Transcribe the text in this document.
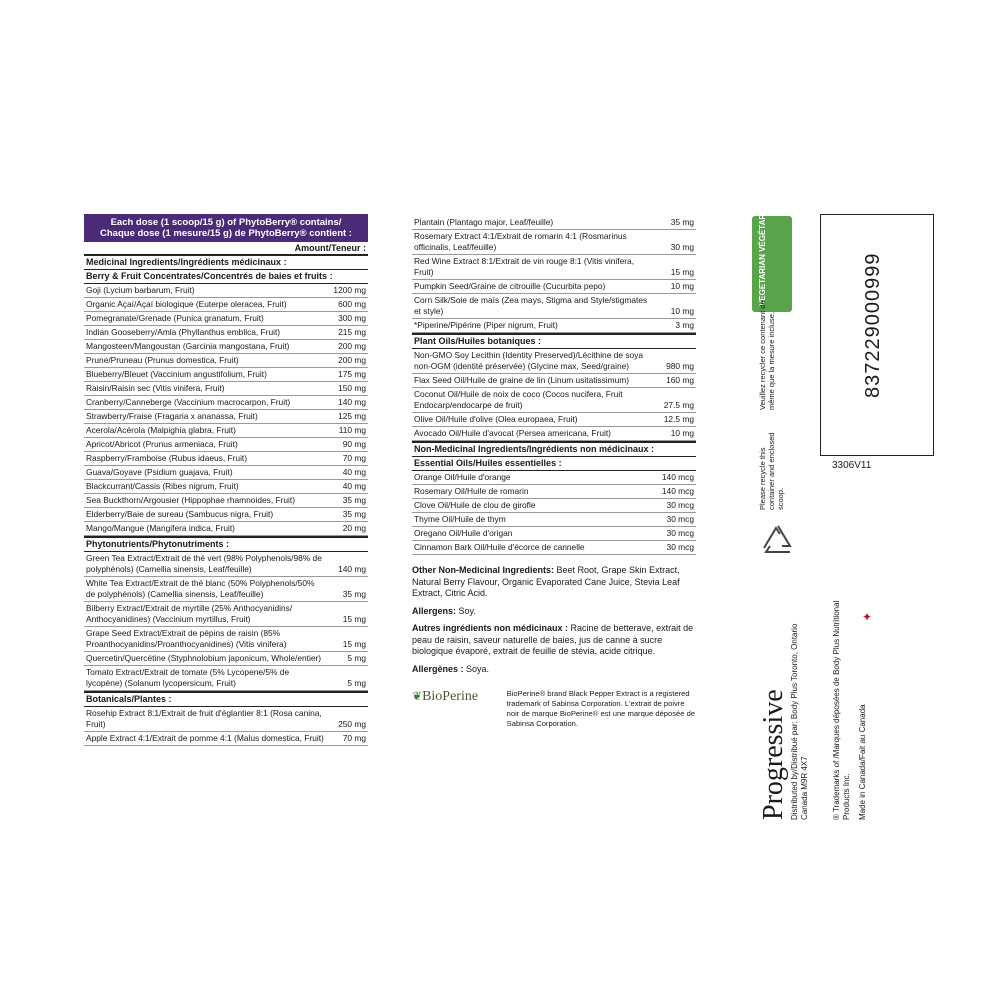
Each dose (1 scoop/15 g) of PhytoBerry® contains/
Chaque dose (1 mesure/15 g) de PhytoBerry® contient :
Amount/Teneur :
Medicinal Ingredients/Ingrédients médicinaux :
Berry & Fruit Concentrates/Concentrés de baies et fruits :
Goji (Lycium barbarum, Fruit)	1200 mg
Organic Açaí/Açaí biologique (Euterpe oleracea, Fruit)	600 mg
Pomegranate/Grenade (Punica granatum, Fruit)	300 mg
Indian Gooseberry/Amla (Phyllanthus emblica, Fruit)	215 mg
Mangosteen/Mangoustan (Garcinia mangostana, Fruit)	200 mg
Prune/Pruneau (Prunus domestica, Fruit)	200 mg
Blueberry/Bleuet (Vaccinium angustifolium, Fruit)	175 mg
Raisin/Raisin sec (Vitis vinifera, Fruit)	150 mg
Cranberry/Canneberge (Vaccinium macrocarpon, Fruit)	140 mg
Strawberry/Fraise (Fragaria x ananassa, Fruit)	125 mg
Acerola/Acérola (Malpighia glabra, Fruit)	110 mg
Apricot/Abricot (Prunus armeniaca, Fruit)	90 mg
Raspberry/Framboise (Rubus idaeus, Fruit)	70 mg
Guava/Goyave (Psidium guajava, Fruit)	40 mg
Blackcurrant/Cassis (Ribes nigrum, Fruit)	40 mg
Sea Buckthorn/Argousier (Hippophae rhamnoides, Fruit)	35 mg
Elderberry/Baie de sureau (Sambucus nigra, Fruit)	35 mg
Mango/Mangue (Mangifera indica, Fruit)	20 mg
Phytonutrients/Phytonutriments :
Green Tea Extract/Extrait de thé vert (98% Polyphenols/98% de polyphénols) (Camellia sinensis, Leaf/feuille)	140 mg
White Tea Extract/Extrait de thé blanc (50% Polyphenols/50% de polyphénols) (Camellia sinensis, Leaf/feuille)	35 mg
Bilberry Extract/Extrait de myrtille (25% Anthocyanidins/ Anthocyanidines) (Vaccinium myrtillus, Fruit)	15 mg
Grape Seed Extract/Extrait de pépins de raisin (85% Proanthocyanidins/Proanthocyanidines) (Vitis vinifera)	15 mg
Quercetin/Quercétine (Styphnolobium japonicum, Whole/entier)	5 mg
Tomato Extract/Extrait de tomate (5% Lycopene/5% de lycopène) (Solanum lycopersicum, Fruit)	5 mg
Botanicals/Plantes :
Rosehip Extract 8:1/Extrait de fruit d'églantier 8:1 (Rosa canina, Fruit)	250 mg
Apple Extract 4:1/Extrait de pomme 4:1 (Malus domestica, Fruit)	70 mg
Plantain (Plantago major, Leaf/feuille)	35 mg
Rosemary Extract 4:1/Extrait de romarin 4:1 (Rosmarinus officinalis, Leaf/feuille)	30 mg
Red Wine Extract 8:1/Extrait de vin rouge 8:1 (Vitis vinifera, Fruit)	15 mg
Pumpkin Seed/Graine de citrouille (Cucurbita pepo)	10 mg
Corn Silk/Soie de maïs (Zea mays, Stigma and Style/stigmates et style)	10 mg
*Piperine/Pipérine (Piper nigrum, Fruit)	3 mg
Plant Oils/Huiles botaniques :
Non-GMO Soy Lecithin (Identity Preserved)/Lécithine de soya non-OGM (identité préservée) (Glycine max, Seed/graine)	980 mg
Flax Seed Oil/Huile de graine de lin (Linum usitatissimum)	160 mg
Coconut Oil/Huile de noix de coco (Cocos nucifera, Fruit Endocarp/endocarpe de fruit)	27.5 mg
Olive Oil/Huile d'olive (Olea europaea, Fruit)	12.5 mg
Avocado Oil/Huile d'avocat (Persea americana, Fruit)	10 mg
Non-Medicinal Ingredients/Ingrédients non médicinaux :
Essential Oils/Huiles essentielles :
Orange Oil/Huile d'orange	140 mcg
Rosemary Oil/Huile de romarin	140 mcg
Clove Oil/Huile de clou de girofle	30 mcg
Thyme Oil/Huile de thym	30 mcg
Oregano Oil/Huile d'origan	30 mcg
Cinnamon Bark Oil/Huile d'écorce de cannelle	30 mcg

Other Non-Medicinal Ingredients: Beet Root, Grape Skin Extract, Natural Berry Flavour, Organic Evaporated Cane Juice, Stevia Leaf Extract, Citric Acid.

Allergens: Soy.

Autres ingrédients non médicinaux : Racine de betterave, extrait de peau de raisin, saveur naturelle de baies, jus de canne à sucre biologique évaporé, extrait de feuille de stévia, acide citrique.

Allergènes : Soya.

❦BioPerine	BioPerine® brand Black Pepper Extract is a registered trademark of Sabinsa Corporation. L'extrait de poivre noir de marque BioPerine® est une marque déposée de Sabinsa Corporation.
VEGETARIAN VÉGÉTARIEN
Veuillez recycler ce contenant de même que la mesure incluse.
Please recycle this container and enclosed scoop.
837229000999
3306V11
Progressive Distributed by/Distribué par: Body Plus Toronto, Ontario Canada M9R 4X7	® Trademarks of /Marques déposées de Body Plus Nutritional Products Inc. Made in Canada/Fait au Canada
✦
